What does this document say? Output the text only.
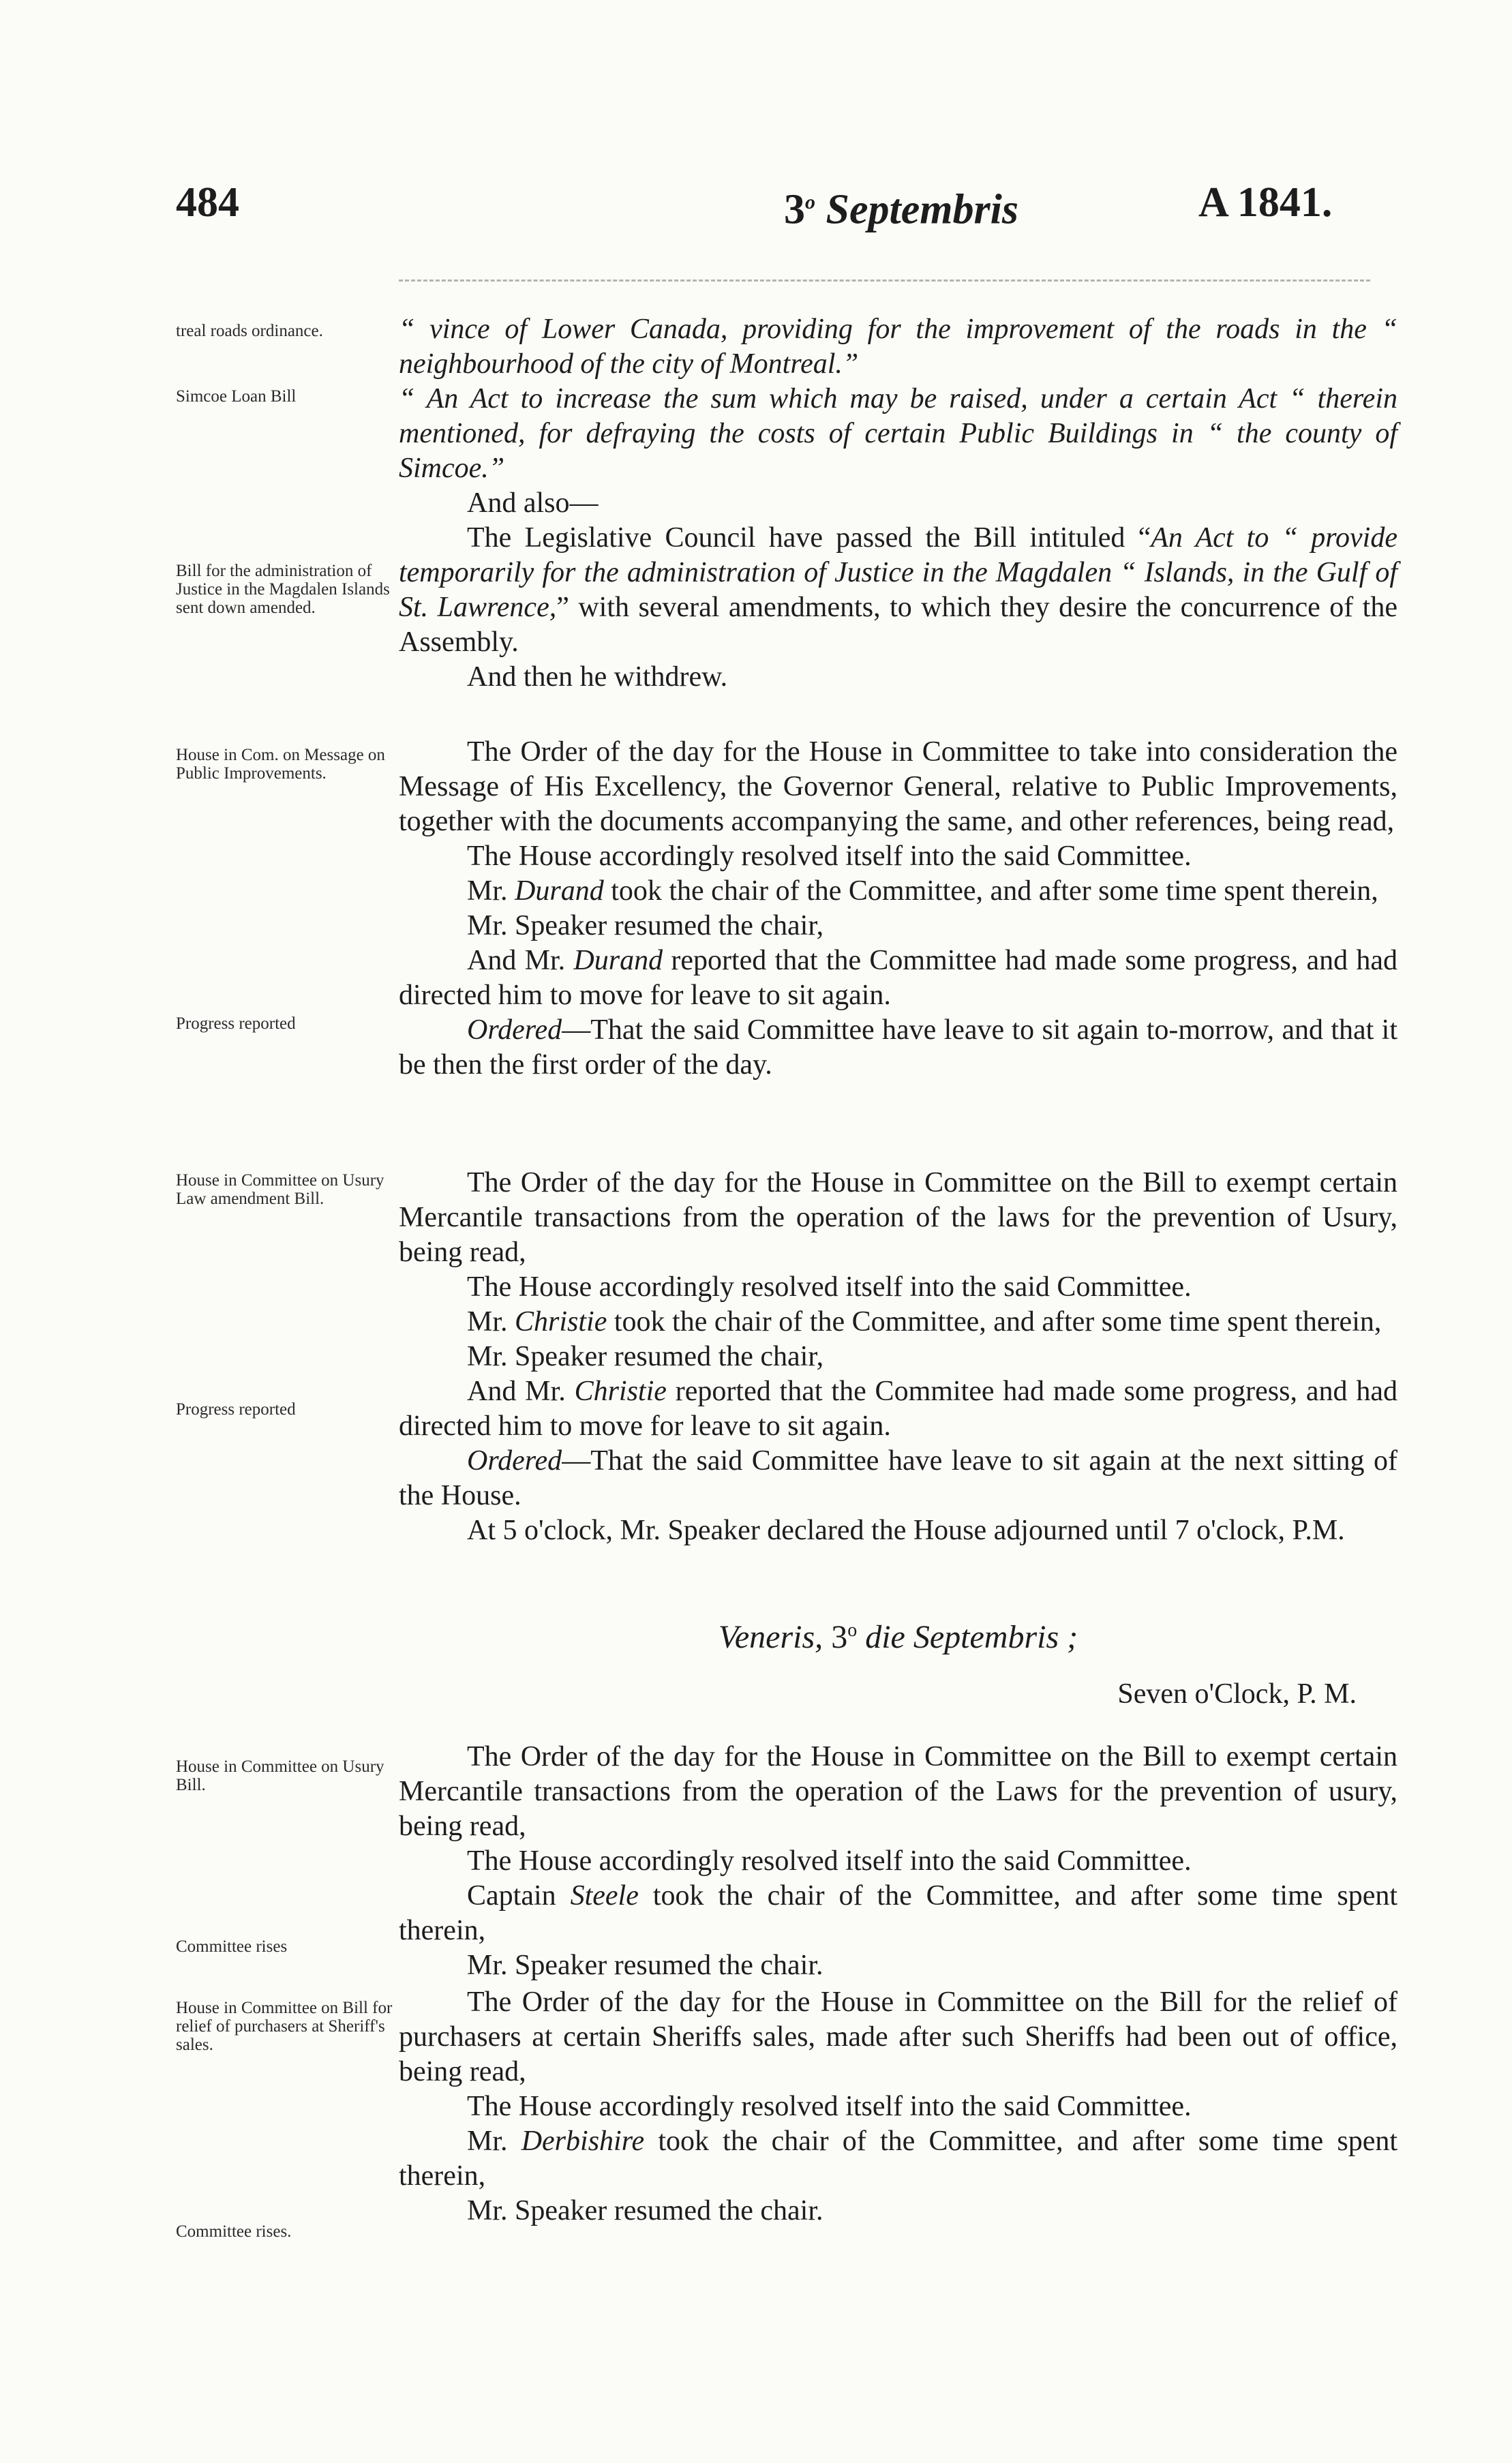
484	3$^o$ Septembris	A 1841.
treal roads ordinance.
Simcoe Loan Bill
Bill for the administration of Justice in the Magdalen Islands sent down amended.
House in Com. on Message on Public Improvements.
Progress reported
House in Committee on Usury Law amendment Bill.
Progress reported
House in Committee on Usury Bill.
Committee rises
House in Committee on Bill for relief of purchasers at Sheriff's sales.
Committee rises.

“ vince of Lower Canada, providing for the improvement of the roads in the “ neighbourhood of the city of Montreal.”

“ An Act to increase the sum which may be raised, under a certain Act “ therein mentioned, for defraying the costs of certain Public Buildings in “ the county of Simcoe.”

And also—

The Legislative Council have passed the Bill intituled “An Act to “ provide temporarily for the administration of Justice in the Magdalen “ Islands, in the Gulf of St. Lawrence,” with several amendments, to which they desire the concurrence of the Assembly.

And then he withdrew.

The Order of the day for the House in Committee to take into consideration the Message of His Excellency, the Governor General, relative to Public Improvements, together with the documents accompanying the same, and other references, being read,

The House accordingly resolved itself into the said Committee.

Mr. Durand took the chair of the Committee, and after some time spent therein,

Mr. Speaker resumed the chair,

And Mr. Durand reported that the Committee had made some progress, and had directed him to move for leave to sit again.

Ordered—That the said Committee have leave to sit again to-morrow, and that it be then the first order of the day.

The Order of the day for the House in Committee on the Bill to exempt certain Mercantile transactions from the operation of the laws for the prevention of Usury, being read,

The House accordingly resolved itself into the said Committee.

Mr. Christie took the chair of the Committee, and after some time spent therein,

Mr. Speaker resumed the chair,

And Mr. Christie reported that the Commitee had made some progress, and had directed him to move for leave to sit again.

Ordered—That the said Committee have leave to sit again at the next sitting of the House.

At 5 o'clock, Mr. Speaker declared the House adjourned until 7 o'clock, P.M.

Veneris, 3$^o$ die Septembris ;

Seven o'Clock, P. M.

The Order of the day for the House in Committee on the Bill to exempt certain Mercantile transactions from the operation of the Laws for the prevention of usury, being read,

The House accordingly resolved itself into the said Committee.

Captain Steele took the chair of the Committee, and after some time spent therein,

Mr. Speaker resumed the chair.

The Order of the day for the House in Committee on the Bill for the relief of purchasers at certain Sheriffs sales, made after such Sheriffs had been out of office, being read,

The House accordingly resolved itself into the said Committee.

Mr. Derbishire took the chair of the Committee, and after some time spent therein,

Mr. Speaker resumed the chair.
